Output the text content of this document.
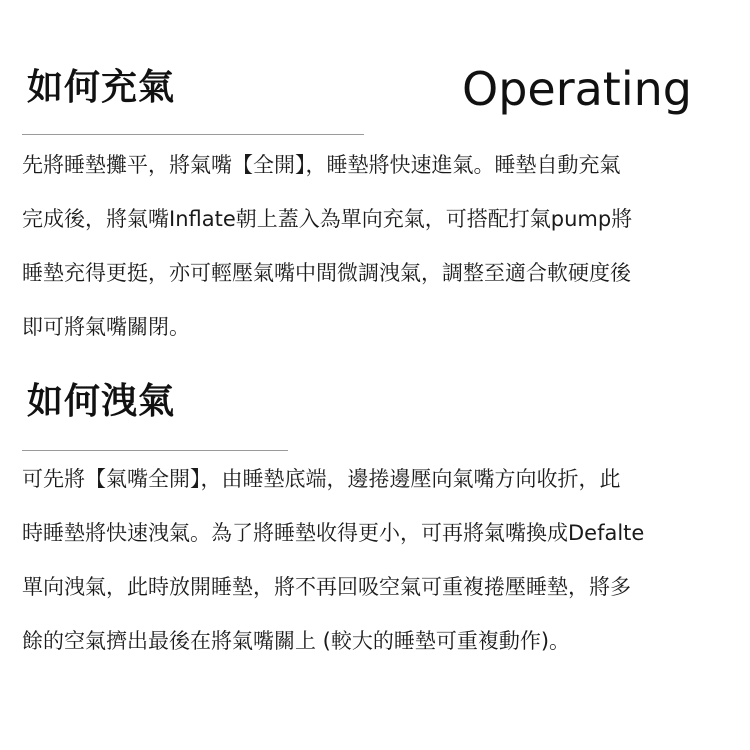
如何充氣	Operating

先將睡墊攤平，將氣嘴【全開】，睡墊將快速進氣。睡墊自動充氣
完成後，將氣嘴Inflate朝上蓋入為單向充氣，可搭配打氣pump將
睡墊充得更挺，亦可輕壓氣嘴中間微調洩氣，調整至適合軟硬度後
即可將氣嘴關閉。

如何洩氣

可先將【氣嘴全開】，由睡墊底端，邊捲邊壓向氣嘴方向收折，此
時睡墊將快速洩氣。為了將睡墊收得更小，可再將氣嘴換成Defalte
單向洩氣，此時放開睡墊，將不再回吸空氣可重複捲壓睡墊，將多
餘的空氣擠出最後在將氣嘴關上 (較大的睡墊可重複動作)。
